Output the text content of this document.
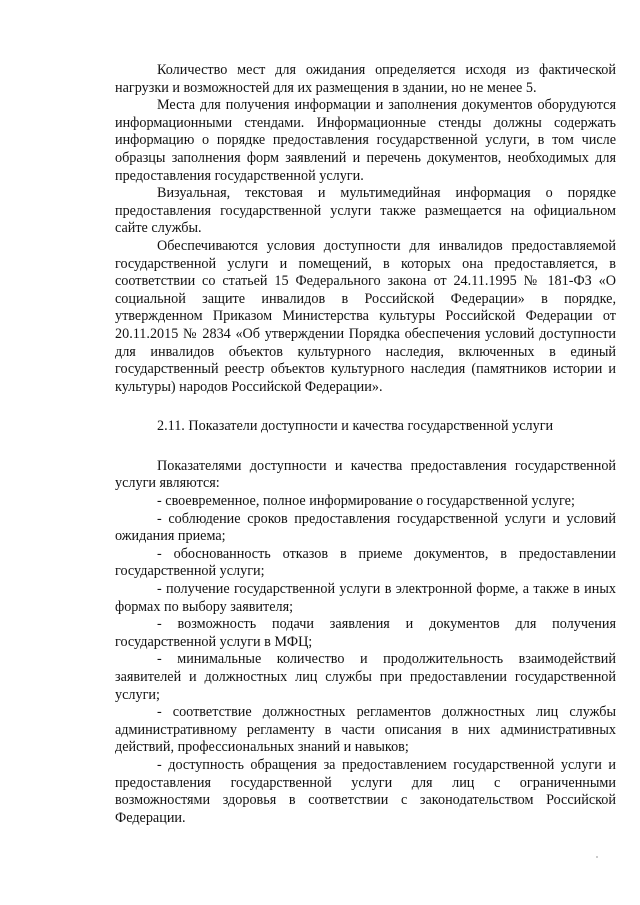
Количество мест для ожидания определяется исходя из фактической нагрузки и возможностей для их размещения в здании, но не менее 5.

Места для получения информации и заполнения документов оборудуются информационными стендами. Информационные стенды должны содержать информацию о порядке предоставления государственной услуги, в том числе образцы заполнения форм заявлений и перечень документов, необходимых для предоставления государственной услуги.

Визуальная, текстовая и мультимедийная информация о порядке предоставления государственной услуги также размещается на официальном сайте службы.

Обеспечиваются условия доступности для инвалидов предоставляемой государственной услуги и помещений, в которых она предоставляется, в соответствии со статьей 15 Федерального закона от 24.11.1995 № 181-ФЗ «О социальной защите инвалидов в Российской Федерации» в порядке, утвержденном Приказом Министерства культуры Российской Федерации от 20.11.2015 № 2834 «Об утверждении Порядка обеспечения условий доступности для инвалидов объектов культурного наследия, включенных в единый государственный реестр объектов культурного наследия (памятников истории и культуры) народов Российской Федерации».

2.11. Показатели доступности и качества государственной услуги

Показателями доступности и качества предоставления государственной услуги являются:

- своевременное, полное информирование о государственной услуге;
- соблюдение сроков предоставления государственной услуги и условий ожидания приема;
- обоснованность отказов в приеме документов, в предоставлении государственной услуги;
- получение государственной услуги в электронной форме, а также в иных формах по выбору заявителя;
- возможность подачи заявления и документов для получения государственной услуги в МФЦ;
- минимальные количество и продолжительность взаимодействий заявителей и должностных лиц службы при предоставлении государственной услуги;
- соответствие должностных регламентов должностных лиц службы административному регламенту в части описания в них административных действий, профессиональных знаний и навыков;
- доступность обращения за предоставлением государственной услуги и предоставления государственной услуги для лиц с ограниченными возможностями здоровья в соответствии с законодательством Российской Федерации.
